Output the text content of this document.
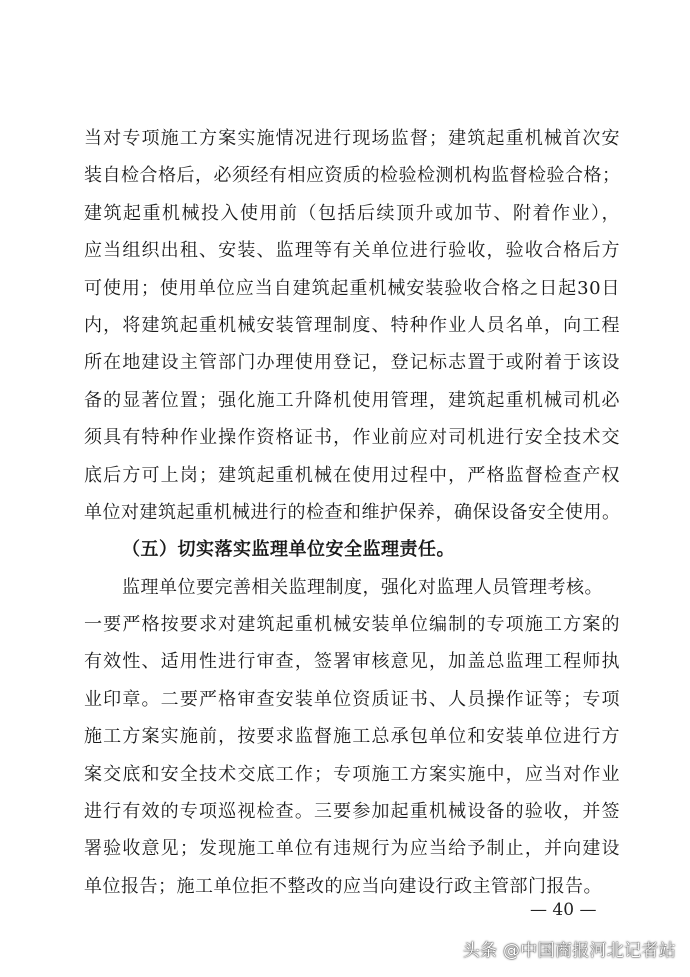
当对专项施工方案实施情况进行现场监督；建筑起重机械首次安
装自检合格后，必须经有相应资质的检验检测机构监督检验合格；
建筑起重机械投入使用前（包括后续顶升或加节、附着作业），
应当组织出租、安装、监理等有关单位进行验收，验收合格后方
可使用；使用单位应当自建筑起重机械安装验收合格之日起30日
内，将建筑起重机械安装管理制度、特种作业人员名单，向工程
所在地建设主管部门办理使用登记，登记标志置于或附着于该设
备的显著位置；强化施工升降机使用管理，建筑起重机械司机必
须具有特种作业操作资格证书，作业前应对司机进行安全技术交
底后方可上岗；建筑起重机械在使用过程中，严格监督检查产权
单位对建筑起重机械进行的检查和维护保养，确保设备安全使用。
（五）切实落实监理单位安全监理责任。
监理单位要完善相关监理制度，强化对监理人员管理考核。
一要严格按要求对建筑起重机械安装单位编制的专项施工方案的
有效性、适用性进行审查，签署审核意见，加盖总监理工程师执
业印章。二要严格审查安装单位资质证书、人员操作证等；专项
施工方案实施前，按要求监督施工总承包单位和安装单位进行方
案交底和安全技术交底工作；专项施工方案实施中，应当对作业
进行有效的专项巡视检查。三要参加起重机械设备的验收，并签
署验收意见；发现施工单位有违规行为应当给予制止，并向建设
单位报告；施工单位拒不整改的应当向建设行政主管部门报告。
— 40 —
头条 @中国商报河北记者站
